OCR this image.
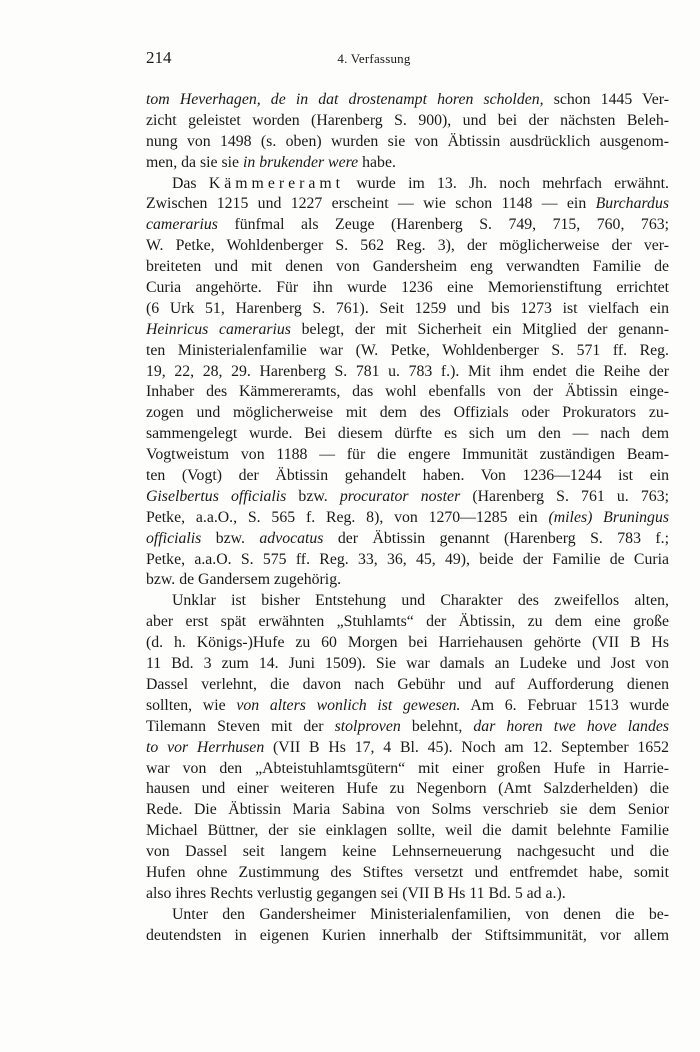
214	4. Verfassung
tom Heverhagen, de in dat drostenampt horen scholden, schon 1445 Ver-
zicht geleistet worden (Harenberg S. 900), und bei der nächsten Beleh-
nung von 1498 (s. oben) wurden sie von Äbtissin ausdrücklich ausgenom-
men, da sie sie in brukender were habe.
Das Kämmereramt wurde im 13. Jh. noch mehrfach erwähnt.
Zwischen 1215 und 1227 erscheint — wie schon 1148 — ein Burchardus
camerarius fünfmal als Zeuge (Harenberg S. 749, 715, 760, 763;
W. Petke, Wohldenberger S. 562 Reg. 3), der möglicherweise der ver-
breiteten und mit denen von Gandersheim eng verwandten Familie de
Curia angehörte. Für ihn wurde 1236 eine Memorienstiftung errichtet
(6 Urk 51, Harenberg S. 761). Seit 1259 und bis 1273 ist vielfach ein
Heinricus camerarius belegt, der mit Sicherheit ein Mitglied der genann-
ten Ministerialenfamilie war (W. Petke, Wohldenberger S. 571 ff. Reg.
19, 22, 28, 29. Harenberg S. 781 u. 783 f.). Mit ihm endet die Reihe der
Inhaber des Kämmereramts, das wohl ebenfalls von der Äbtissin einge-
zogen und möglicherweise mit dem des Offizials oder Prokurators zu-
sammengelegt wurde. Bei diesem dürfte es sich um den — nach dem
Vogtweistum von 1188 — für die engere Immunität zuständigen Beam-
ten (Vogt) der Äbtissin gehandelt haben. Von 1236—1244 ist ein
Giselbertus officialis bzw. procurator noster (Harenberg S. 761 u. 763;
Petke, a.a.O., S. 565 f. Reg. 8), von 1270—1285 ein (miles) Bruningus
officialis bzw. advocatus der Äbtissin genannt (Harenberg S. 783 f.;
Petke, a.a.O. S. 575 ff. Reg. 33, 36, 45, 49), beide der Familie de Curia
bzw. de Gandersem zugehörig.
Unklar ist bisher Entstehung und Charakter des zweifellos alten,
aber erst spät erwähnten „Stuhlamts“ der Äbtissin, zu dem eine große
(d. h. Königs-)Hufe zu 60 Morgen bei Harriehausen gehörte (VII B Hs
11 Bd. 3 zum 14. Juni 1509). Sie war damals an Ludeke und Jost von
Dassel verlehnt, die davon nach Gebühr und auf Aufforderung dienen
sollten, wie von alters wonlich ist gewesen. Am 6. Februar 1513 wurde
Tilemann Steven mit der stolproven belehnt, dar horen twe hove landes
to vor Herrhusen (VII B Hs 17, 4 Bl. 45). Noch am 12. September 1652
war von den „Abteistuhlamtsgütern“ mit einer großen Hufe in Harrie-
hausen und einer weiteren Hufe zu Negenborn (Amt Salzderhelden) die
Rede. Die Äbtissin Maria Sabina von Solms verschrieb sie dem Senior
Michael Büttner, der sie einklagen sollte, weil die damit belehnte Familie
von Dassel seit langem keine Lehnserneuerung nachgesucht und die
Hufen ohne Zustimmung des Stiftes versetzt und entfremdet habe, somit
also ihres Rechts verlustig gegangen sei (VII B Hs 11 Bd. 5 ad a.).
Unter den Gandersheimer Ministerialenfamilien, von denen die be-
deutendsten in eigenen Kurien innerhalb der Stiftsimmunität, vor allem
